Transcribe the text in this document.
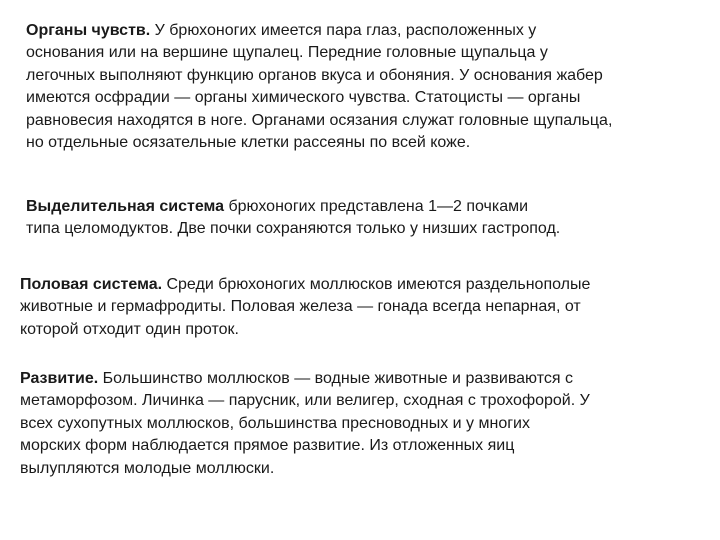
Органы чувств. У брюхоногих имеется пара глаз, расположенных у
основания или на вершине щупалец. Передние головные щупальца у
легочных выполняют функцию органов вкуса и обоняния. У основания жабер
имеются осфрадии — органы химического чувства. Статоцисты — органы
равновесия находятся в ноге. Органами осязания служат головные щупальца,
но отдельные осязательные клетки рассеяны по всей коже.

Выделительная система брюхоногих представлена 1—2 почками
типа целомодуктов. Две почки сохраняются только у низших гастропод.

Половая система. Среди брюхоногих моллюсков имеются раздельнополые
животные и гермафродиты. Половая железа — гонада всегда непарная, от
которой отходит один проток.

Развитие. Большинство моллюсков — водные животные и развиваются с
метаморфозом. Личинка — парусник, или велигер, сходная с трохофорой. У
всех сухопутных моллюсков, большинства пресноводных и у многих
морских форм наблюдается прямое развитие. Из отложенных яиц
вылупляются молодые моллюски.
